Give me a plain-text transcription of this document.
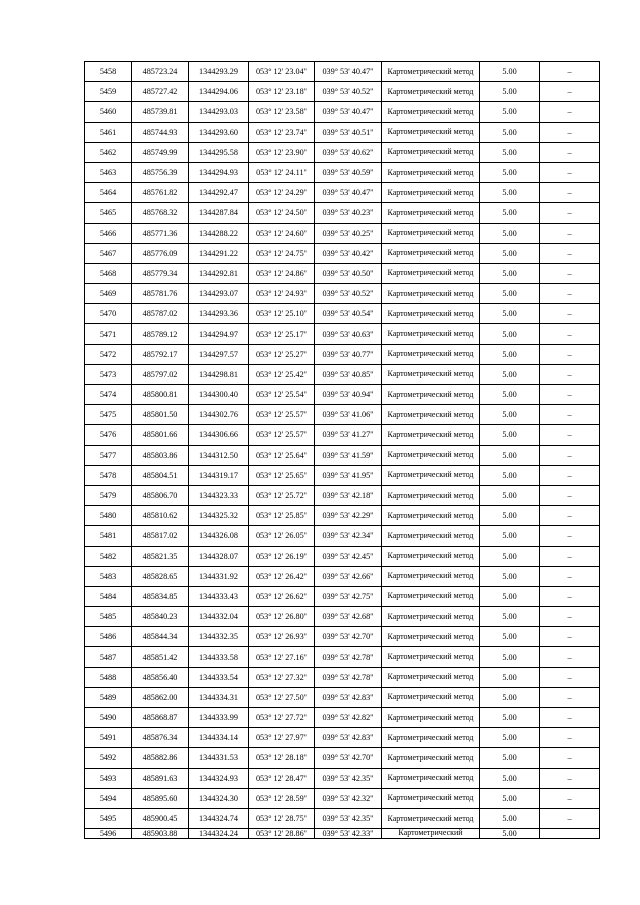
5458	485723.24	1344293.29	053° 12' 23.04"	039° 53' 40.47"	Картометрический метод	5.00	–
5459	485727.42	1344294.06	053° 12' 23.18"	039° 53' 40.52"	Картометрический метод	5.00	–
5460	485739.81	1344293.03	053° 12' 23.58"	039° 53' 40.47"	Картометрический метод	5.00	–
5461	485744.93	1344293.60	053° 12' 23.74"	039° 53' 40.51"	Картометрический метод	5.00	–
5462	485749.99	1344295.58	053° 12' 23.90"	039° 53' 40.62"	Картометрический метод	5.00	–
5463	485756.39	1344294.93	053° 12' 24.11"	039° 53' 40.59"	Картометрический метод	5.00	–
5464	485761.82	1344292.47	053° 12' 24.29"	039° 53' 40.47"	Картометрический метод	5.00	–
5465	485768.32	1344287.84	053° 12' 24.50"	039° 53' 40.23"	Картометрический метод	5.00	–
5466	485771.36	1344288.22	053° 12' 24.60"	039° 53' 40.25"	Картометрический метод	5.00	–
5467	485776.09	1344291.22	053° 12' 24.75"	039° 53' 40.42"	Картометрический метод	5.00	–
5468	485779.34	1344292.81	053° 12' 24.86"	039° 53' 40.50"	Картометрический метод	5.00	–
5469	485781.76	1344293.07	053° 12' 24.93"	039° 53' 40.52"	Картометрический метод	5.00	–
5470	485787.02	1344293.36	053° 12' 25.10"	039° 53' 40.54"	Картометрический метод	5.00	–
5471	485789.12	1344294.97	053° 12' 25.17"	039° 53' 40.63"	Картометрический метод	5.00	–
5472	485792.17	1344297.57	053° 12' 25.27"	039° 53' 40.77"	Картометрический метод	5.00	–
5473	485797.02	1344298.81	053° 12' 25.42"	039° 53' 40.85"	Картометрический метод	5.00	–
5474	485800.81	1344300.40	053° 12' 25.54"	039° 53' 40.94"	Картометрический метод	5.00	–
5475	485801.50	1344302.76	053° 12' 25.57"	039° 53' 41.06"	Картометрический метод	5.00	–
5476	485801.66	1344306.66	053° 12' 25.57"	039° 53' 41.27"	Картометрический метод	5.00	–
5477	485803.86	1344312.50	053° 12' 25.64"	039° 53' 41.59"	Картометрический метод	5.00	–
5478	485804.51	1344319.17	053° 12' 25.65"	039° 53' 41.95"	Картометрический метод	5.00	–
5479	485806.70	1344323.33	053° 12' 25.72"	039° 53' 42.18"	Картометрический метод	5.00	–
5480	485810.62	1344325.32	053° 12' 25.85"	039° 53' 42.29"	Картометрический метод	5.00	–
5481	485817.02	1344326.08	053° 12' 26.05"	039° 53' 42.34"	Картометрический метод	5.00	–
5482	485821.35	1344328.07	053° 12' 26.19"	039° 53' 42.45"	Картометрический метод	5.00	–
5483	485828.65	1344331.92	053° 12' 26.42"	039° 53' 42.66"	Картометрический метод	5.00	–
5484	485834.85	1344333.43	053° 12' 26.62"	039° 53' 42.75"	Картометрический метод	5.00	–
5485	485840.23	1344332.04	053° 12' 26.80"	039° 53' 42.68"	Картометрический метод	5.00	–
5486	485844.34	1344332.35	053° 12' 26.93"	039° 53' 42.70"	Картометрический метод	5.00	–
5487	485851.42	1344333.58	053° 12' 27.16"	039° 53' 42.78"	Картометрический метод	5.00	–
5488	485856.40	1344333.54	053° 12' 27.32"	039° 53' 42.78"	Картометрический метод	5.00	–
5489	485862.00	1344334.31	053° 12' 27.50"	039° 53' 42.83"	Картометрический метод	5.00	–
5490	485868.87	1344333.99	053° 12' 27.72"	039° 53' 42.82"	Картометрический метод	5.00	–
5491	485876.34	1344334.14	053° 12' 27.97"	039° 53' 42.83"	Картометрический метод	5.00	–
5492	485882.86	1344331.53	053° 12' 28.18"	039° 53' 42.70"	Картометрический метод	5.00	–
5493	485891.63	1344324.93	053° 12' 28.47"	039° 53' 42.35"	Картометрический метод	5.00	–
5494	485895.60	1344324.30	053° 12' 28.59"	039° 53' 42.32"	Картометрический метод	5.00	–
5495	485900.45	1344324.74	053° 12' 28.75"	039° 53' 42.35"	Картометрический метод	5.00	–
5496	485903.88	1344324.24	053° 12' 28.86"	039° 53' 42.33"	Картометрический	5.00	
